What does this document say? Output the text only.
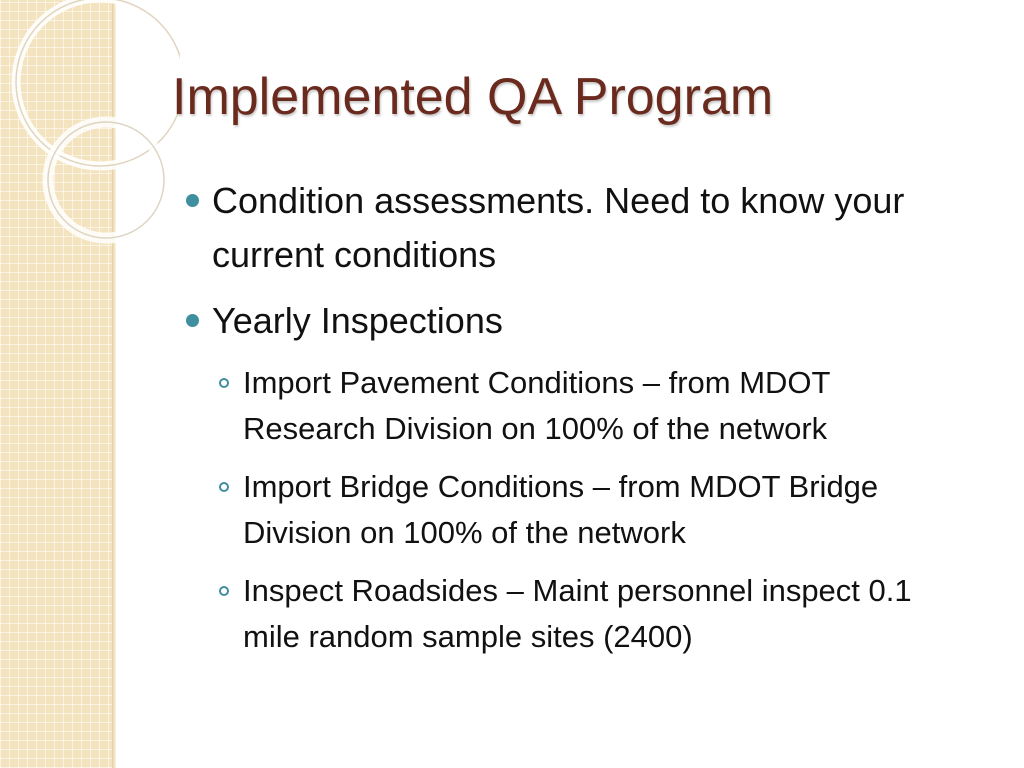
Implemented QA Program
Condition assessments. Need to know your current conditions
Yearly Inspections
Import Pavement Conditions – from MDOT Research Division on 100% of the network
Import Bridge Conditions – from MDOT Bridge Division on 100% of the network
Inspect Roadsides – Maint personnel inspect 0.1 mile random sample sites (2400)
